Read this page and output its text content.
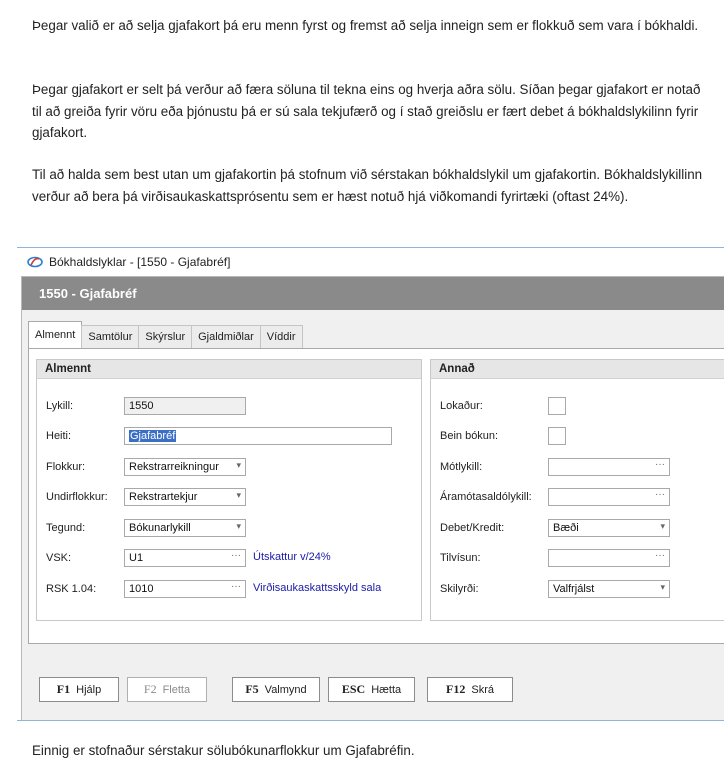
Þegar valið er að selja gjafakort þá eru menn fyrst og fremst að selja inneign sem er flokkuð sem vara í bókhaldi.

Þegar gjafakort er selt þá verður að færa söluna til tekna eins og hverja aðra sölu. Síðan þegar gjafakort er notað til að greiða fyrir vöru eða þjónustu þá er sú sala tekjufærð og í stað greiðslu er fært debet á bókhaldslykilinn fyrir gjafakort.

Til að halda sem best utan um gjafakortin þá stofnum við sérstakan bókhaldslykil um gjafakortin. Bókhaldslykillinn verður að bera þá virðisaukaskattsprósentu sem er hæst notuð hjá viðkomandi fyrirtæki (oftast 24%).

Bókhaldslyklar - [1550 - Gjafabréf]
1550 - Gjafabréf
Almennt	Samtölur	Skýrslur	Gjaldmiðlar	Víddir
Almennt
Lykill:	1550
Heiti:	Gjafabréf
Flokkur:	Rekstrarreikningur ▾
Undirflokkur: Rekstrartekjur	▾
Tegund:	Bókunarlykill	▾
VSK:	U1	··· Útskattur v/24%
RSK 1.04:	1010	··· Virðisaukaskattsskyld sala
Annað
Lokaður:
Bein bókun:
Mótlykill:	···
Áramótasaldólykill:	···
Debet/Kredit:	Bæði	▾
Tilvísun:	···
Skilyrði:	Valfrjálst	▾
F1 Hjálp	F2 Fletta	F5 Valmynd	ESC Hætta	F12 Skrá

Einnig er stofnaður sérstakur sölubókunarflokkur um Gjafabréfin.
